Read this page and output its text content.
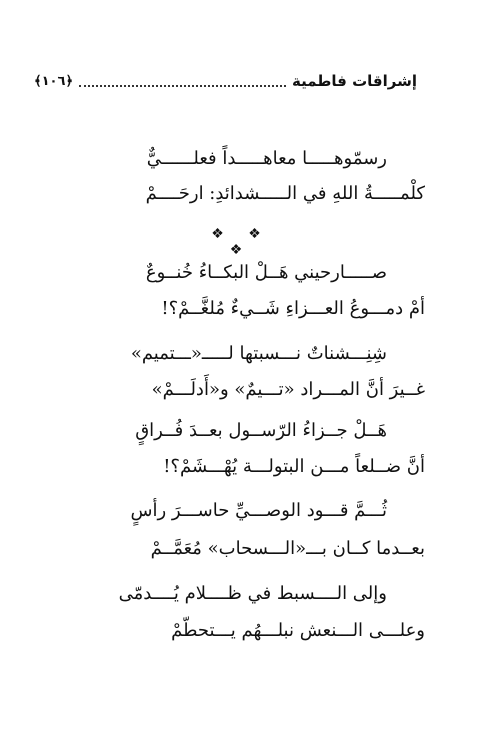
إشراقات فاطمية
﴿١٠٦﴾
رسمّوهـــــا معاهـــــداً فعلــــــيٌّ
كلْمـــــةُ اللهِ في الـــــشدائدِ: ارحَــــمْ
❖ ❖ ❖
صـــــارحيني هَــلْ البكــاءُ خُنــوعٌ
أمْ دمـــوعُ العـــزاءِ شَــيءٌ مُلغَّــمْ؟!
شِنِـــشناتٌ نـــسبتها لـــــ«ـــتميم»
غــيرَ أنَّ المـــراد «تـــيمٌ» و«أَدلَـــمْ»
هَــلْ جــزاءُ الرّســول بعــدَ فُــراقٍ
أنَّ ضــلعاً مـــن البتولـــة يُهْـــشَمْ؟!
ثُـــمَّ قـــود الوصـــيِّ حاســـرَ رأسٍ
بعــدما كــان بـــ«الـــسحاب» مُعَمَّــمْ
وإلى الــــسبط في ظــــلام يُــــدمّى
وعلـــى الـــنعش نبلـــهُم يـــتحطّمْ
